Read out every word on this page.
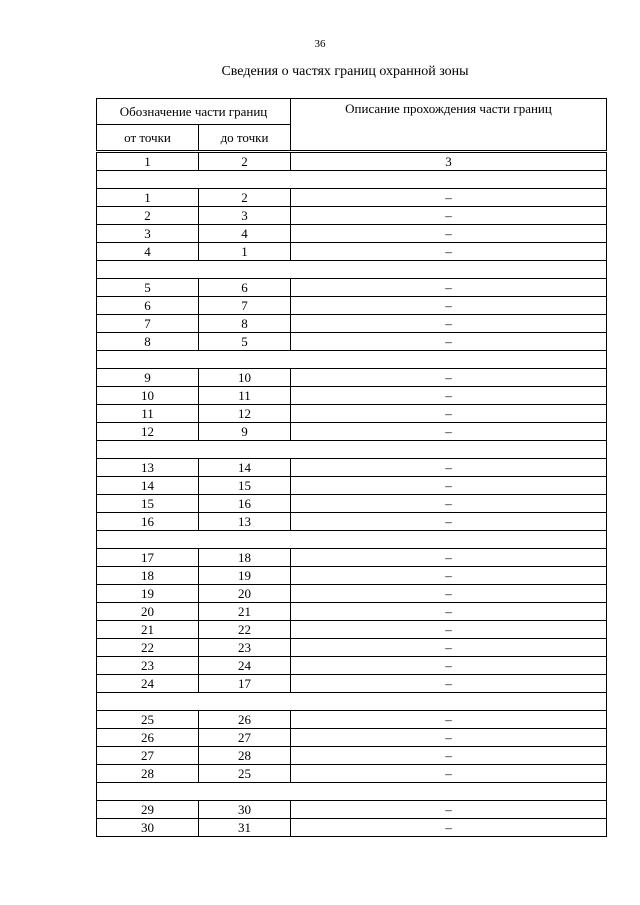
36
Сведения о частях границ охранной зоны
Обозначение части границ		Описание прохождения части границ
от точки	до точки	
1	2	3

1	2	–
2	3	–
3	4	–
4	1	–

5	6	–
6	7	–
7	8	–
8	5	–

9	10	–
10	11	–
11	12	–
12	9	–

13	14	–
14	15	–
15	16	–
16	13	–

17	18	–
18	19	–
19	20	–
20	21	–
21	22	–
22	23	–
23	24	–
24	17	–

25	26	–
26	27	–
27	28	–
28	25	–

29	30	–
30	31	–
